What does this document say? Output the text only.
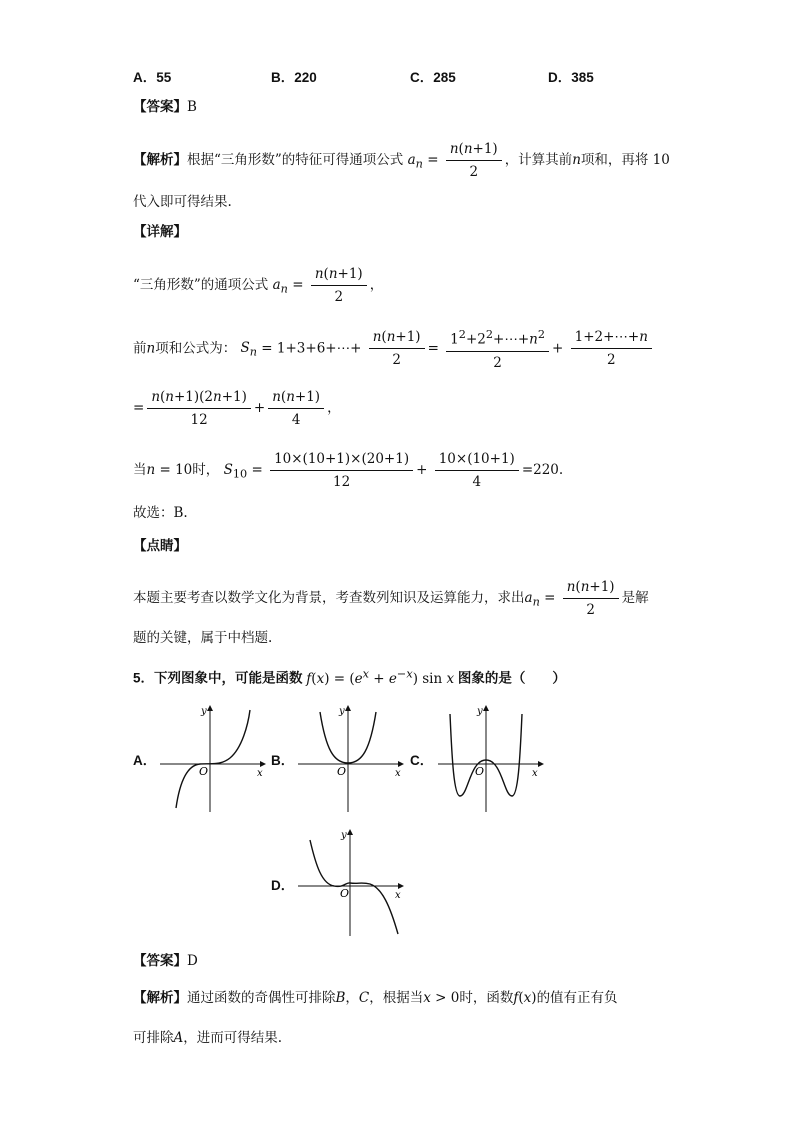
A．55	B．220	C．285	D．385
【答案】B
【解析】根据“三角形数”的特征可得通项公式 $a_n = \frac{n(n+1)}{2}$ ，计算其前n项和，再将 10
代入即可得结果.
【详解】
“三角形数”的通项公式 $a_n = \frac{n(n+1)}{2}$ ，
前n项和公式为： $S_n$ = 1+3+6+⋯+ $\frac{n(n+1)}{2} = \frac{1^2+2^2+\cdots+n^2}{2} + \frac{1+2+\cdots+n}{2}$
= $\frac{n(n+1)(2n+1)}{12} + \frac{n(n+1)}{4}$ ，
当n = 10时， $S_{10} = \frac{10\times(10+1)\times(20+1)}{12} + \frac{10\times(10+1)}{4} =220$.
故选：B.
【点睛】
本题主要考查以数学文化为背景，考查数列知识及运算能力，求出$a_n = \frac{n(n+1)}{2}$ 是解
题的关键，属于中档题.
5．下列图象中，可能是函数 $f(x) = (e^x + e^{-x})$ sin x 图象的是（　　）
A．	B．	C．
D．
x
y
O	x
y
O	x
y
O
x
y
O
【答案】D
【解析】通过函数的奇偶性可排除B，C，根据当x > 0时，函数f(x)的值有正有负
可排除A，进而可得结果.
